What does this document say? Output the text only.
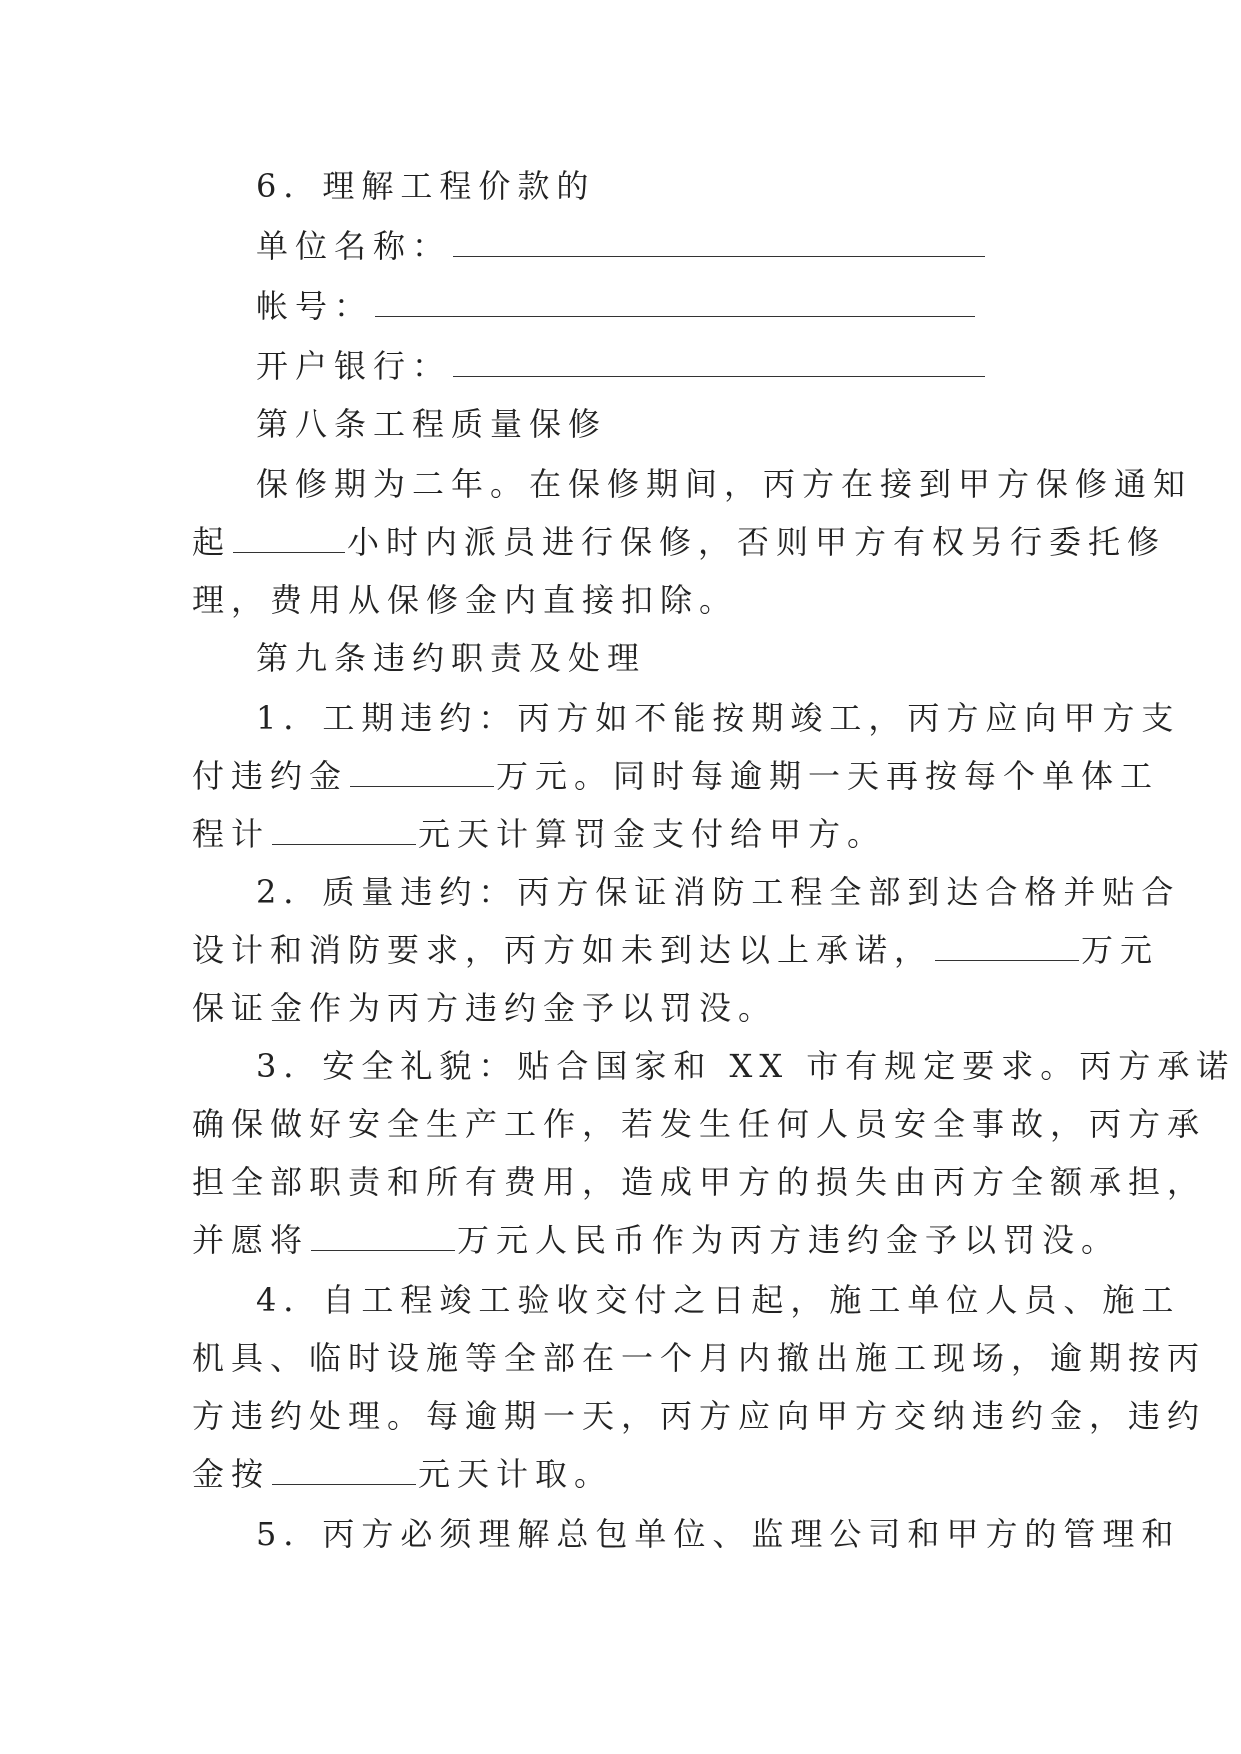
6．理解工程价款的
单位名称：
帐号：
开户银行：
第八条工程质量保修
保修期为二年。在保修期间，丙方在接到甲方保修通知
起	小时内派员进行保修，否则甲方有权另行委托修
理，费用从保修金内直接扣除。
第九条违约职责及处理
1．工期违约：丙方如不能按期竣工，丙方应向甲方支
付违约金	万元。同时每逾期一天再按每个单体工
程计	元天计算罚金支付给甲方。
2．质量违约：丙方保证消防工程全部到达合格并贴合
设计和消防要求，丙方如未到达以上承诺，	万元
保证金作为丙方违约金予以罚没。
3．安全礼貌：贴合国家和 XX 市有规定要求。丙方承诺
确保做好安全生产工作，若发生任何人员安全事故，丙方承
担全部职责和所有费用，造成甲方的损失由丙方全额承担，
并愿将	万元人民币作为丙方违约金予以罚没。
4．自工程竣工验收交付之日起，施工单位人员、施工
机具、临时设施等全部在一个月内撤出施工现场，逾期按丙
方违约处理。每逾期一天，丙方应向甲方交纳违约金，违约
金按	元天计取。
5．丙方必须理解总包单位、监理公司和甲方的管理和
